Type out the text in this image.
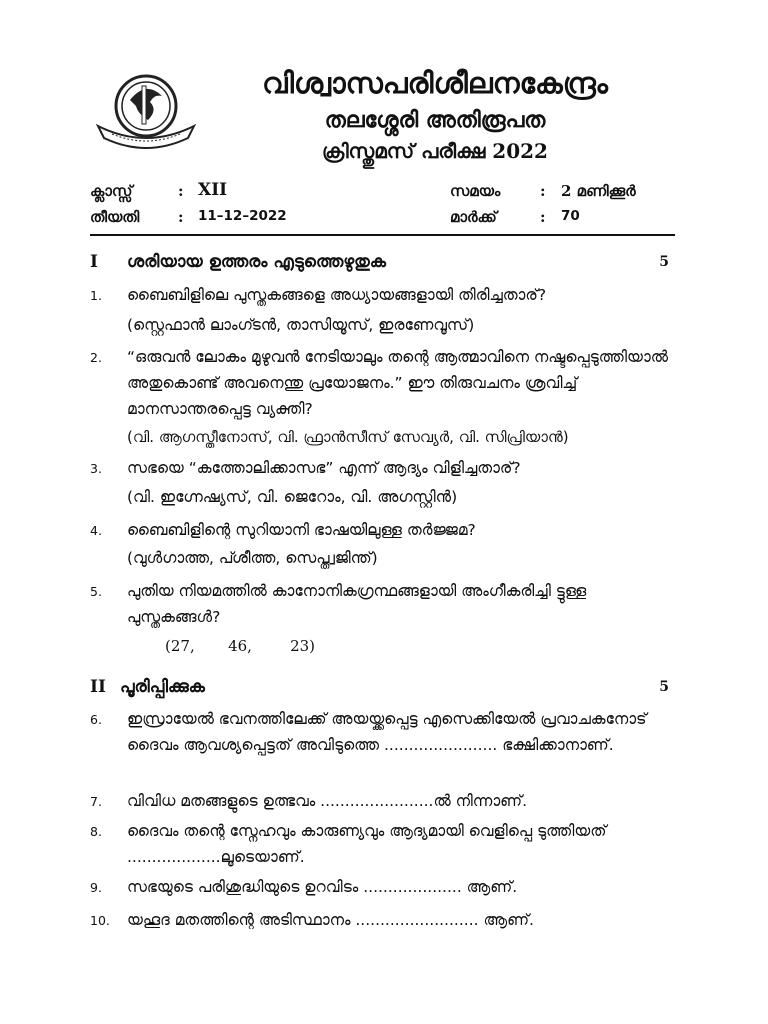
വിശ്വാസപരിശീലനകേന്ദ്രം
തലശ്ശേരി അതിരൂപത
ക്രിസ്തുമസ് പരീക്ഷ 2022
ക്ലാസ്സ്	: XII
തീയതി	: 11–12–2022
സമയം	: 2 മണിക്കൂർ
മാർക്ക്	: 70
I ശരിയായ ഉത്തരം എടുത്തെഴുതുക	5
1. ബൈബിളിലെ പുസ്തകങ്ങളെ അധ്യായങ്ങളായി തിരിച്ചതാര്?
(സ്റ്റെഫാൻ ലാംഗ്ടൻ, താസിയൂസ്, ഇരണേവൂസ്)
2. “ഒരുവൻ ലോകം മുഴുവൻ നേടിയാലും തന്റെ ആത്മാവിനെ നഷ്ടപ്പെടുത്തിയാൽ അതുകൊണ്ട് അവനെന്തു പ്രയോജനം.” ഈ തിരുവചനം ശ്രവിച്ച് മാനസാന്തരപ്പെട്ട വ്യക്തി?
(വി. ആഗസ്തീനോസ്, വി. ഫ്രാൻസീസ് സേവ്യർ, വി. സിപ്രിയാൻ)
3. സഭയെ “കത്തോലിക്കാസഭ” എന്ന് ആദ്യം വിളിച്ചതാര്?
(വി. ഇഗ്നേഷ്യസ്, വി. ജെറോം, വി. അഗസ്റ്റിൻ)
4. ബൈബിളിന്റെ സുറിയാനി ഭാഷയിലുള്ള തർജ്ജമ?
(വുൾഗാത്ത, പ്ശീത്ത, സെപ്ത്വജിന്ത്)
5. പുതിയ നിയമത്തിൽ കാനോനികഗ്രന്ഥങ്ങളായി അംഗീകരിച്ചി ട്ടുള്ള പുസ്തകങ്ങൾ?
(27,       46,        23)
II പൂരിപ്പിക്കുക	5
6. ഇസ്രായേൽ ഭവനത്തിലേക്ക് അയയ്ക്കപ്പെട്ട എസെക്കിയേൽ പ്രവാചകനോട് ദൈവം ആവശ്യപ്പെട്ടത് അവിടുത്തെ ....................... ഭക്ഷിക്കാനാണ്.
7. വിവിധ മതങ്ങളുടെ ഉത്ഭവം .......................ൽ നിന്നാണ്.
8. ദൈവം തന്റെ സ്നേഹവും കാരുണ്യവും ആദ്യമായി വെളിപ്പെ ടുത്തിയത് ...................ലൂടെയാണ്.
9. സഭയുടെ പരിശുദ്ധിയുടെ ഉറവിടം .................... ആണ്.
10. യഹൂദ മതത്തിന്റെ അടിസ്ഥാനം ......................... ആണ്.
